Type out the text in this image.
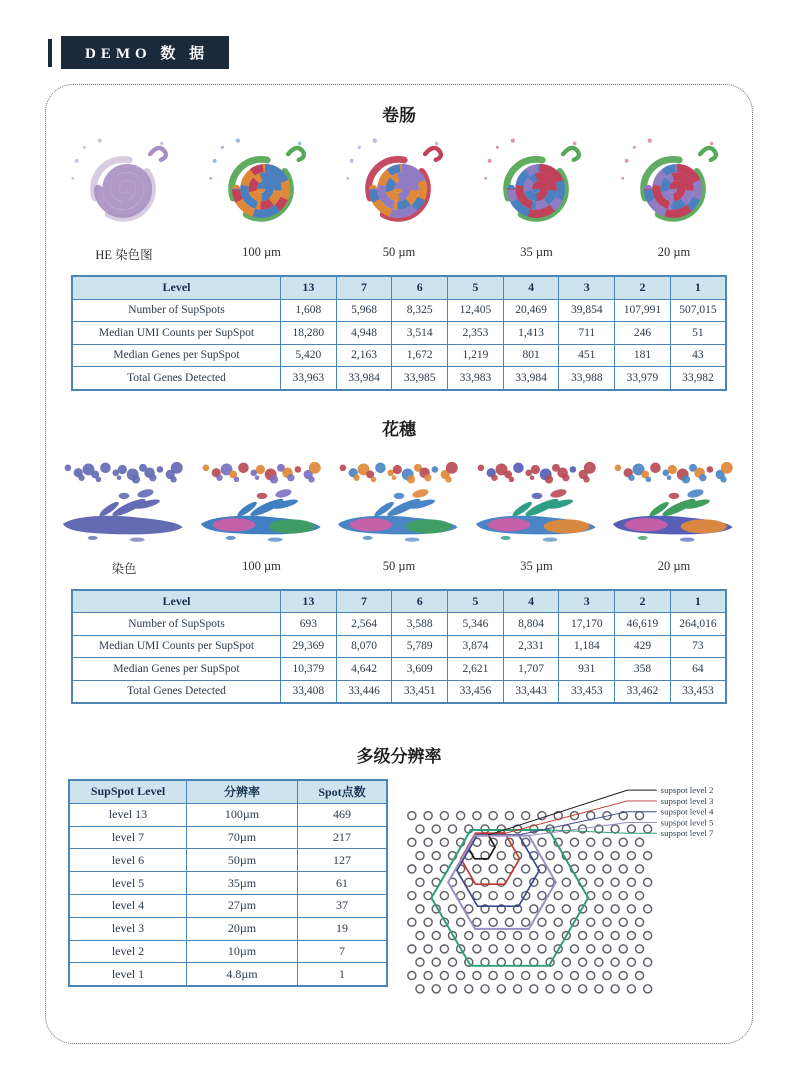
DEMO 数 据
卷肠
HE 染色图	100 µm	50 µm	35 µm	20 µm
Level	13	7	6	5	4	3	2	1
Number of SupSpots	1,608	5,968	8,325	12,405	20,469	39,854	107,991	507,015
Median UMI Counts per SupSpot	18,280	4,948	3,514	2,353	1,413	711	246	51
Median Genes per SupSpot	5,420	2,163	1,672	1,219	801	451	181	43
Total Genes Detected	33,963	33,984	33,985	33,983	33,984	33,988	33,979	33,982
花穗
染色	100 µm	50 µm	35 µm	20 µm
Level	13	7	6	5	4	3	2	1
Number of SupSpots	693	2,564	3,588	5,346	8,804	17,170	46,619	264,016
Median UMI Counts per SupSpot	29,369	8,070	5,789	3,874	2,331	1,184	429	73
Median Genes per SupSpot	10,379	4,642	3,609	2,621	1,707	931	358	64
Total Genes Detected	33,408	33,446	33,451	33,456	33,443	33,453	33,462	33,453
多级分辨率
SupSpot Level	分辨率	Spot点数
level 13	100µm	469
level 7	70µm	217
level 6	50µm	127
level 5	35µm	61
level 4	27µm	37
level 3	20µm	19
level 2	10µm	7
level 1	4.8µm	1
supspot level 2
supspot level 3
supspot level 4
supspot level 5
supspot level 7
